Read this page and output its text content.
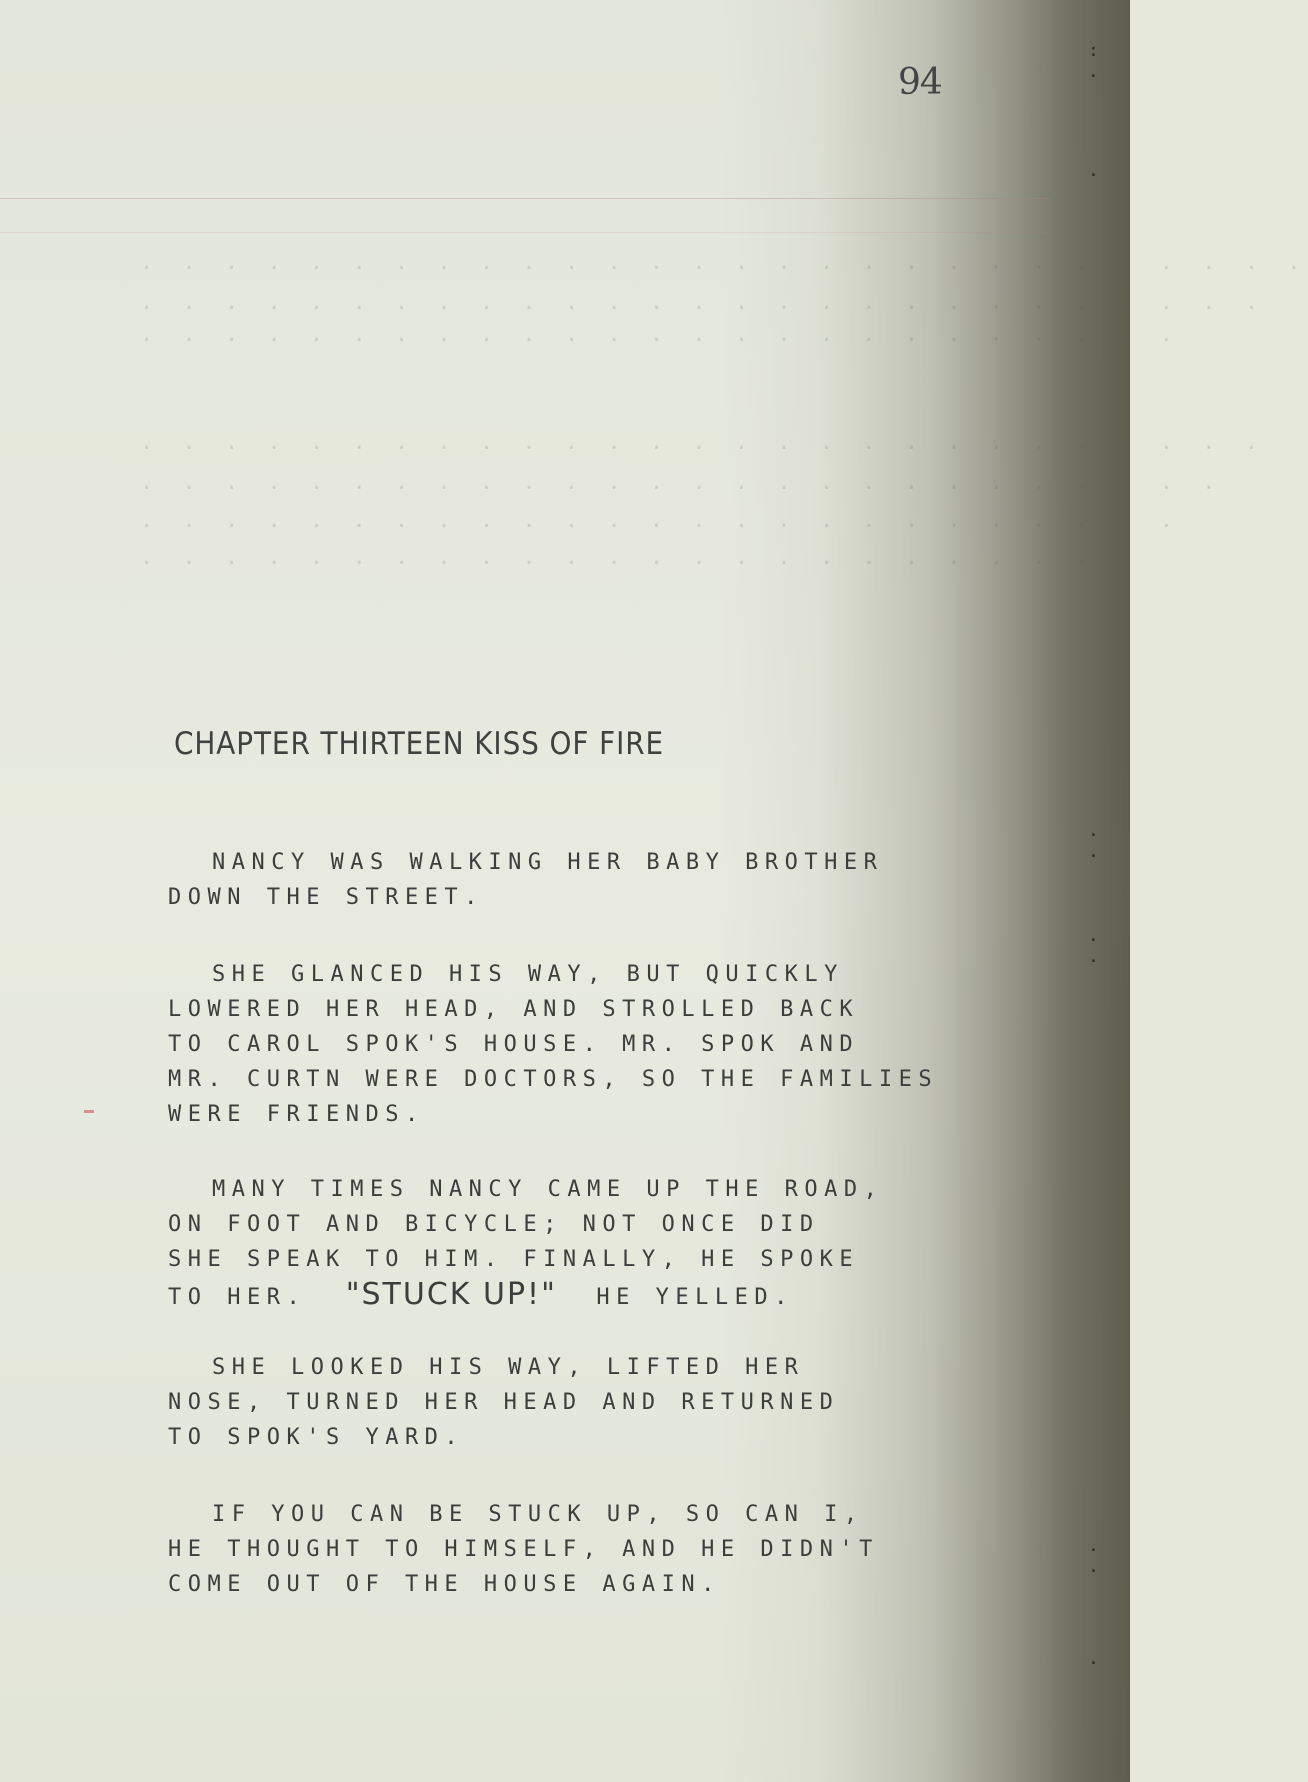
. . . . . . . . . . . . . . . . . . . . . . . . . . . .
. . . . . . . . . . . . . . . . . . . . . . . . . . .
. . . . . . . . . . . . . . . . . . . . . . . . .
. . . . . . . . . . . . . . . . . . . . . . . . . . .
. . . . . . . . . . . . . . . . . . . . . . . . . .
. . . . . . . . . . . . . . . . . . . . . . . . .
. . . . . . . . . . . . . . . . . . . . . . .
94
CHAPTER THIRTEEN KISS OF FIRE
NANCY WAS WALKING HER BABY BROTHER
DOWN THE STREET.
SHE GLANCED HIS WAY, BUT QUICKLY
LOWERED HER HEAD, AND STROLLED BACK
TO CAROL SPOK'S HOUSE. MR. SPOK AND
MR. CURTN WERE DOCTORS, SO THE FAMILIES
WERE FRIENDS.
MANY TIMES NANCY CAME UP THE ROAD,
ON FOOT AND BICYCLE; NOT ONCE DID
SHE SPEAK TO HIM. FINALLY, HE SPOKE
TO HER. "STUCK UP!" HE YELLED.
SHE LOOKED HIS WAY, LIFTED HER
NOSE, TURNED HER HEAD AND RETURNED
TO SPOK'S YARD.
IF YOU CAN BE STUCK UP, SO CAN I,
HE THOUGHT TO HIMSELF, AND HE DIDN'T
COME OUT OF THE HOUSE AGAIN.
: .
.
. .
. .
. .
.
